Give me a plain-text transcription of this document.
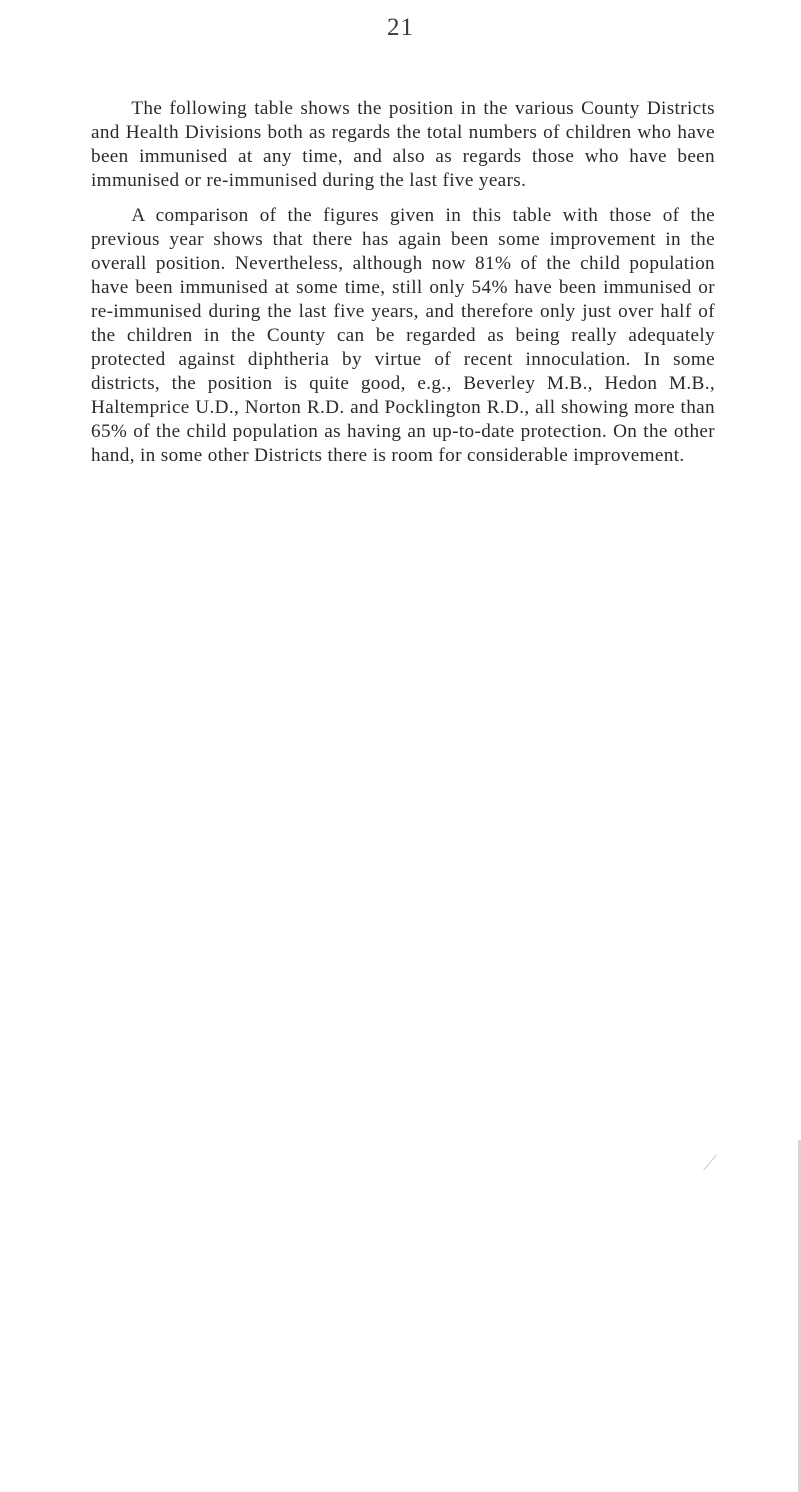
21

The following table shows the position in the various County Districts and Health Divisions both as regards the total numbers of children who have been immunised at any time, and also as regards those who have been immunised or re-immunised during the last five years.

A comparison of the figures given in this table with those of the previous year shows that there has again been some improvement in the overall position. Nevertheless, although now 81% of the child population have been immunised at some time, still only 54% have been immunised or re-immunised during the last five years, and therefore only just over half of the children in the County can be regarded as being really adequately protected against diphtheria by virtue of recent innoculation. In some districts, the position is quite good, e.g., Beverley M.B., Hedon M.B., Haltemprice U.D., Norton R.D. and Pocklington R.D., all showing more than 65% of the child population as having an up-to-date protection. On the other hand, in some other Districts there is room for considerable improvement.
